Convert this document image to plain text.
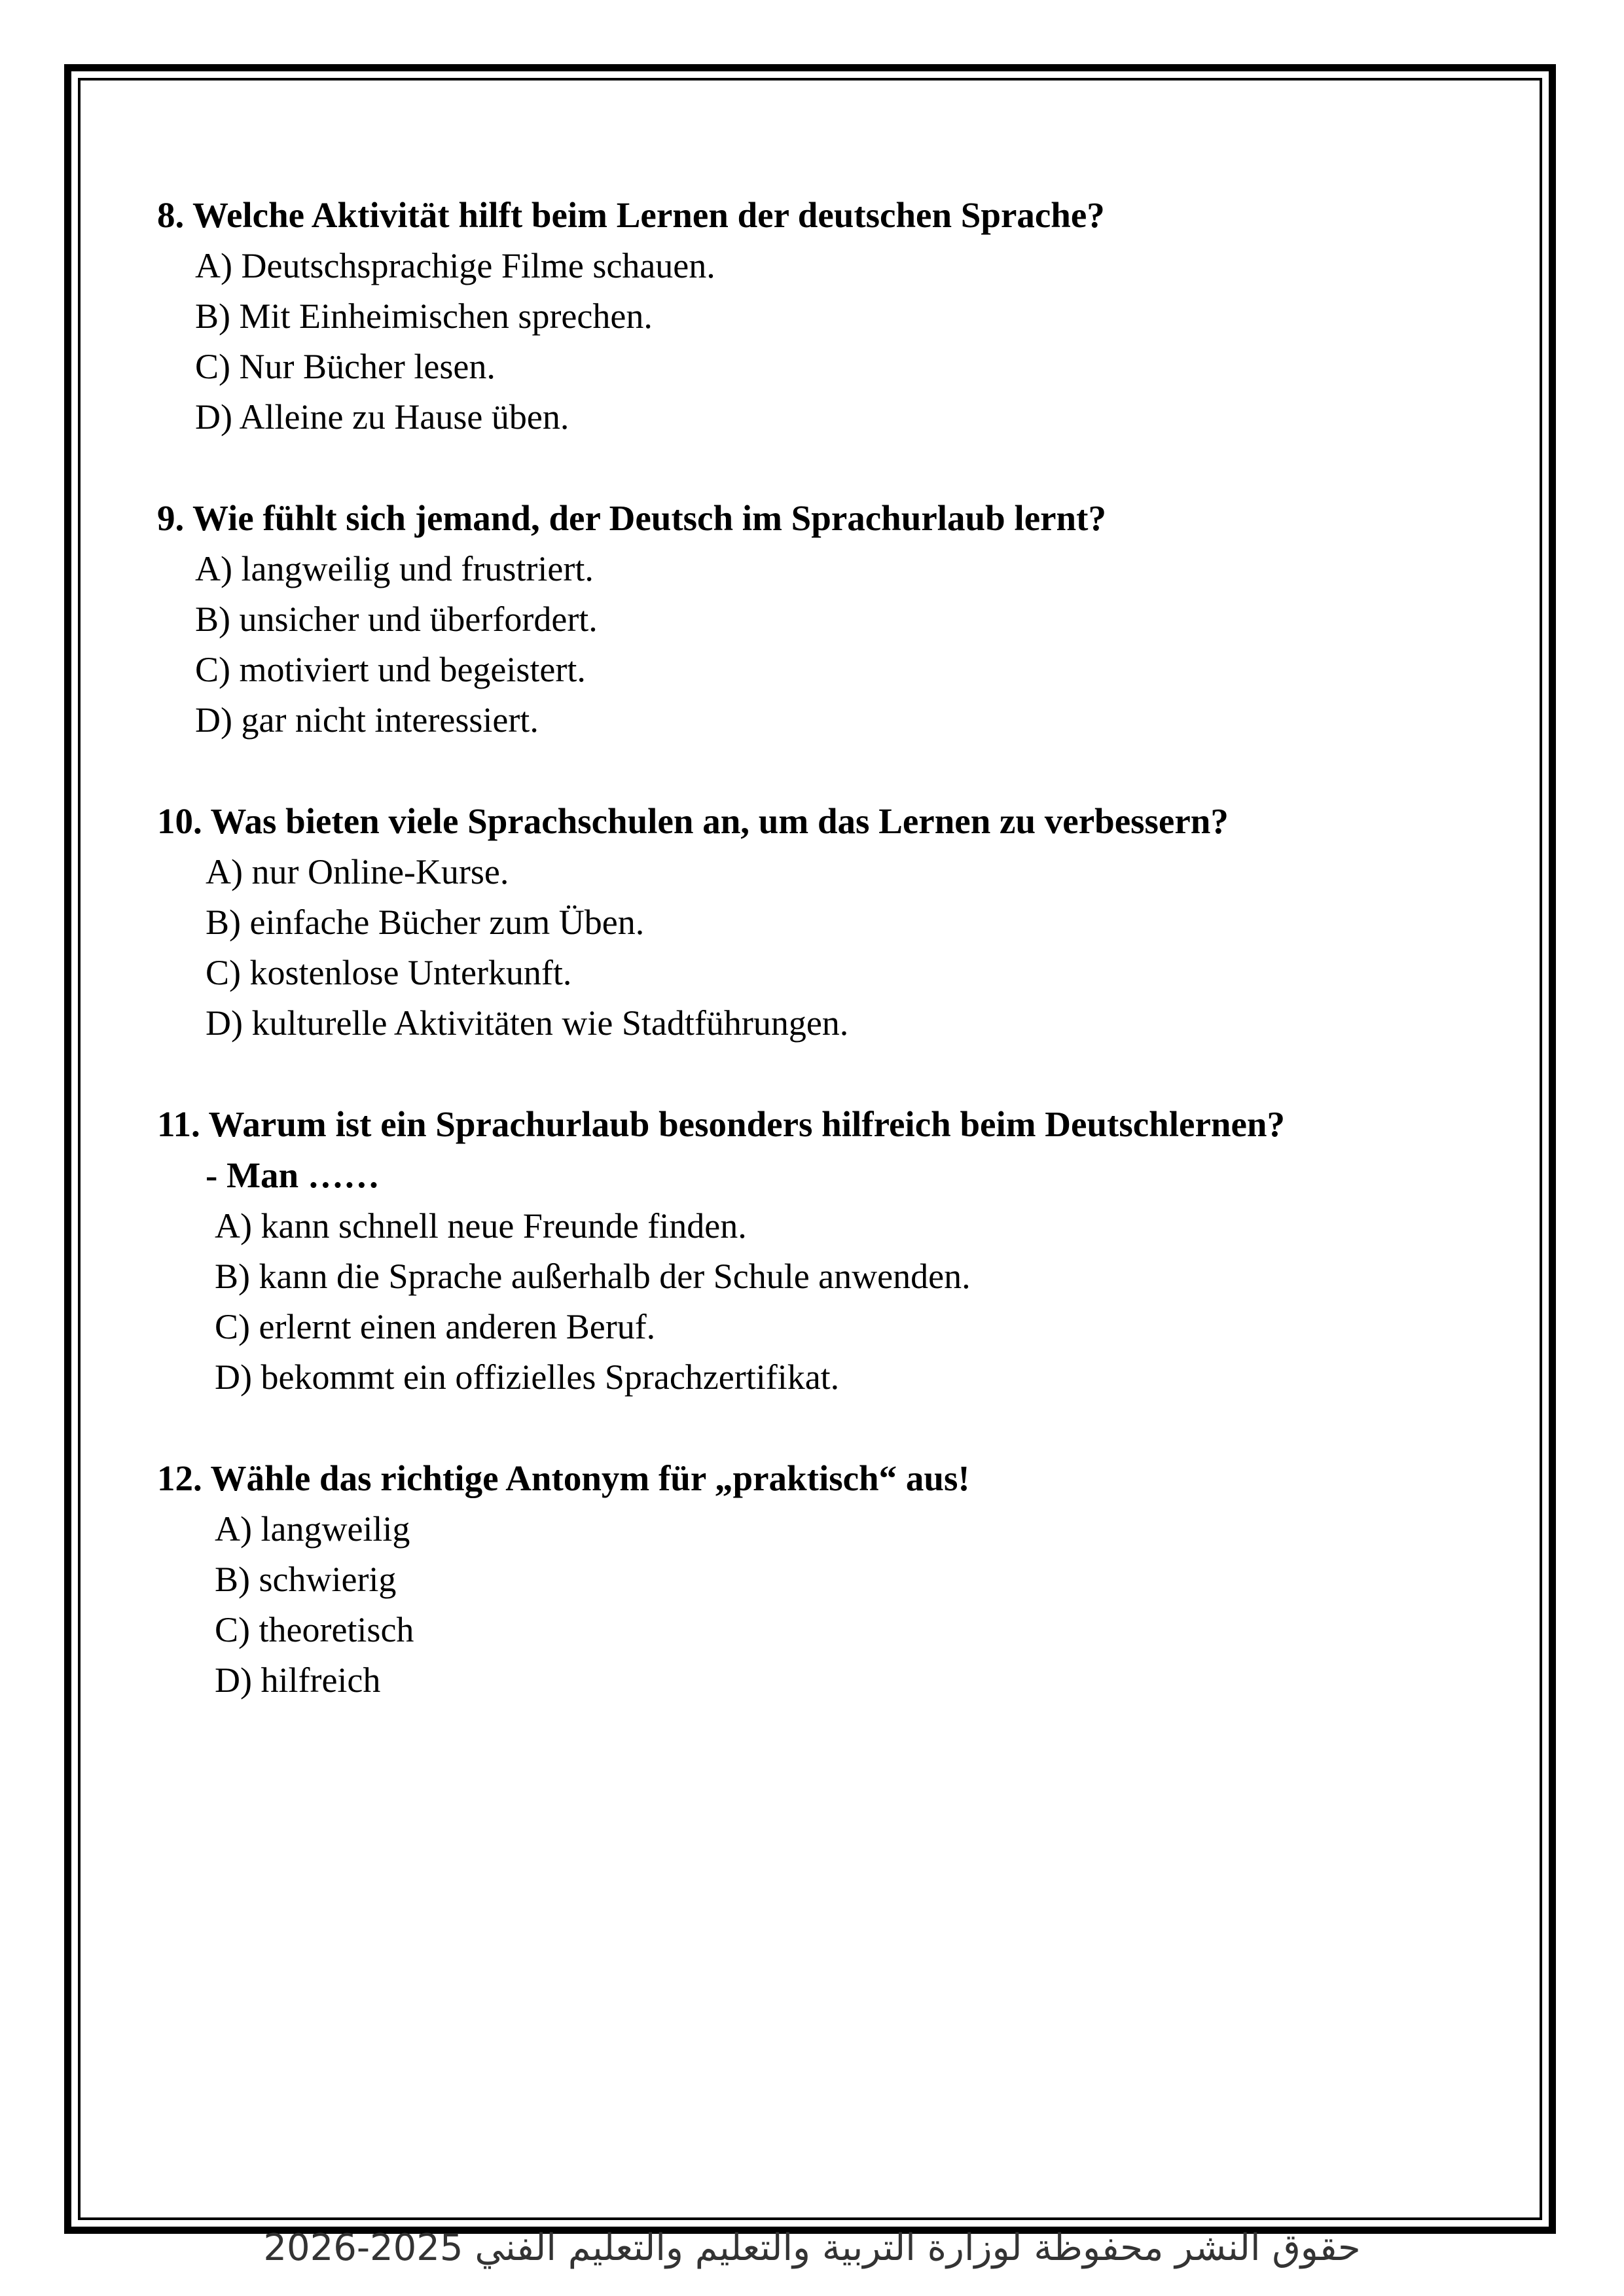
8. Welche Aktivität hilft beim Lernen der deutschen Sprache?
A) Deutschsprachige Filme schauen.
B) Mit Einheimischen sprechen.
C) Nur Bücher lesen.
D) Alleine zu Hause üben.
9. Wie fühlt sich jemand, der Deutsch im Sprachurlaub lernt?
A) langweilig und frustriert.
B) unsicher und überfordert.
C) motiviert und begeistert.
D) gar nicht interessiert.
10. Was bieten viele Sprachschulen an, um das Lernen zu verbessern?
A) nur Online-Kurse.
B) einfache Bücher zum Üben.
C) kostenlose Unterkunft.
D) kulturelle Aktivitäten wie Stadtführungen.
11. Warum ist ein Sprachurlaub besonders hilfreich beim Deutschlernen?
- Man ……
A) kann schnell neue Freunde finden.
B) kann die Sprache außerhalb der Schule anwenden.
C) erlernt einen anderen Beruf.
D) bekommt ein offizielles Sprachzertifikat.
12. Wähle das richtige Antonym für „praktisch“ aus!
A) langweilig
B) schwierig
C) theoretisch
D) hilfreich
حقوق النشر محفوظة لوزارة التربية والتعليم والتعليم الفني 2025-2026
